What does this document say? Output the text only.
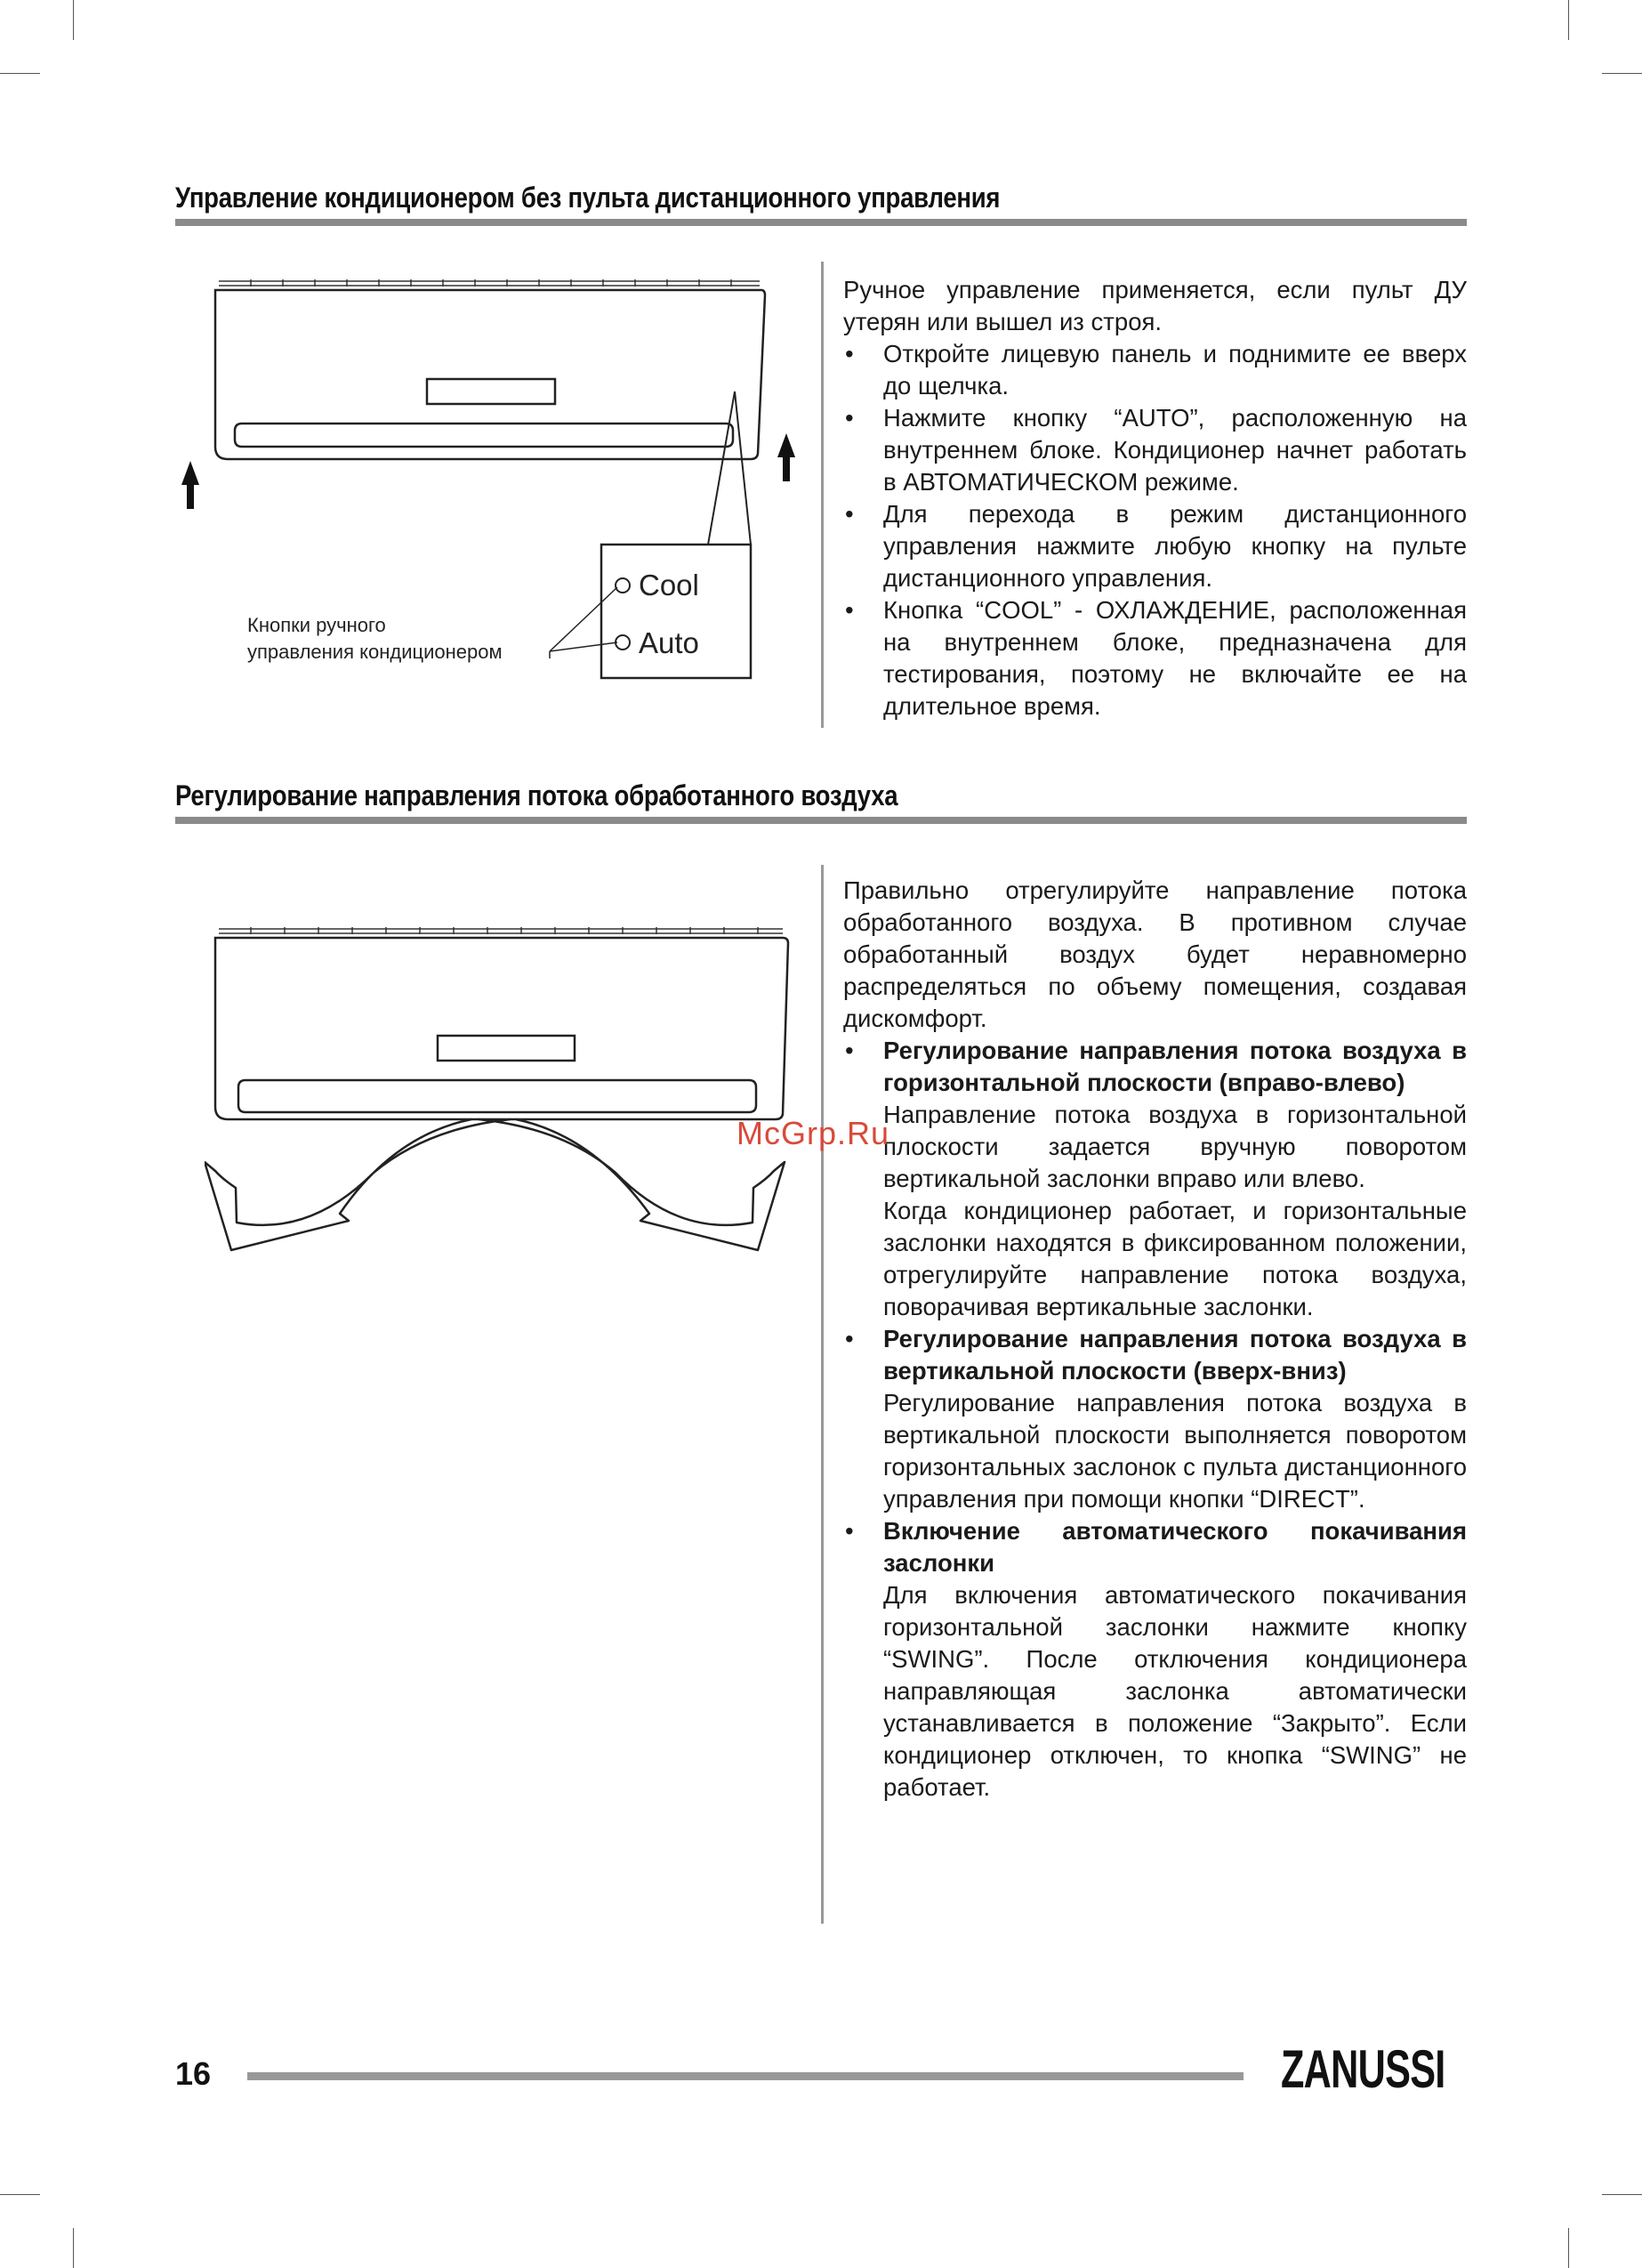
Управление кондиционером без пульта дистанционного управления
Cool
Auto
Кнопки ручного
управления кондиционером

Ручное управление применяется, если пульт ДУ утерян или вышел из строя.

• Откройте лицевую панель и поднимите ее вверх до щелчка.
• Нажмите кнопку “AUTO”, расположенную на внутреннем блоке. Кондиционер начнет работать в АВТОМАТИЧЕСКОМ режиме.
• Для перехода в режим дистанционного управления нажмите любую кнопку на пульте дистанционного управления.
• Кнопка “COOL” - ОХЛАЖДЕНИЕ, расположенная на внутреннем блоке, предназначена для тестирования, поэтому не включайте ее на длительное время.
Регулирование направления потока обработанного воздуха

Правильно отрегулируйте направление потока обработанного воздуха. В противном случае обработанный воздух будет неравномерно распределяться по объему помещения, создавая дискомфорт.

• Регулирование направления потока воздуха в горизонтальной плоскости (вправо-влево)

Направление потока воздуха в горизонтальной плоскости задается вручную поворотом вертикальной заслонки вправо или влево.

Когда кондиционер работает, и горизонтальные заслонки находятся в фиксированном положении, отрегулируйте направление потока воздуха, поворачивая вертикальные заслонки.

• Регулирование направления потока воздуха в вертикальной плоскости (вверх-вниз)

Регулирование направления потока воздуха в вертикальной плоскости выполняется поворотом горизонтальных заслонок с пульта дистанционного управления при помощи кнопки “DIRECT”.

• Включение автоматического покачивания заслонки

Для включения автоматического покачивания горизонтальной заслонки нажмите кнопку “SWING”. После отключения кондиционера направляющая заслонка автоматически устанавливается в положение “Закрыто”. Если кондиционер отключен, то кнопка “SWING” не работает.

McGrp.Ru
16	ZANUSSI
